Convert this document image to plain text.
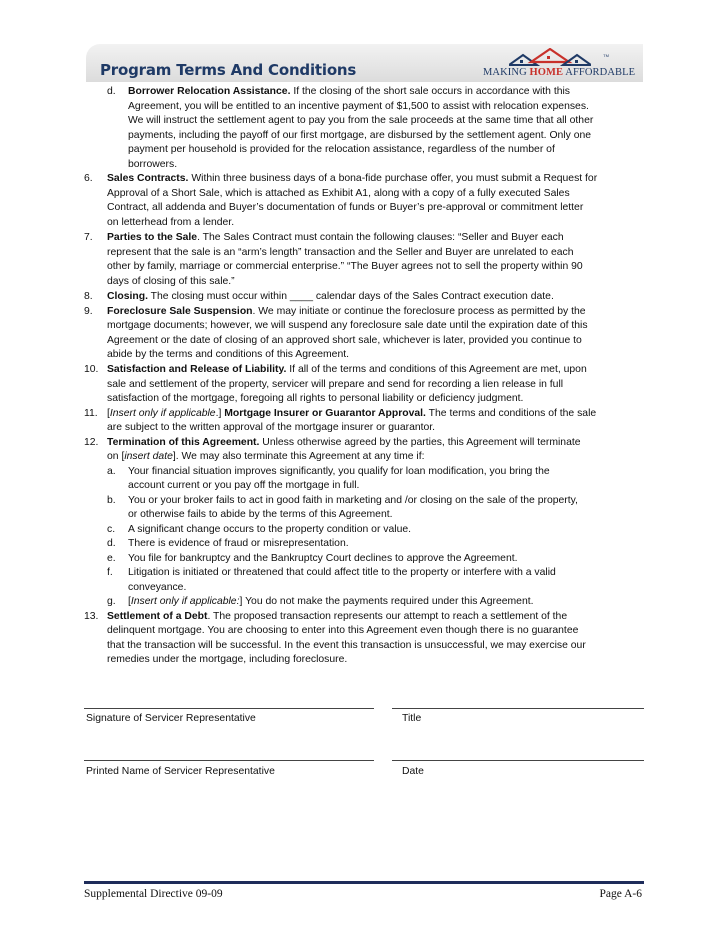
Program Terms And Conditions
TM
MAKING HOME AFFORDABLE
d. Borrower Relocation Assistance. If the closing of the short sale occurs in accordance with this
Agreement, you will be entitled to an incentive payment of $1,500 to assist with relocation expenses.
We will instruct the settlement agent to pay you from the sale proceeds at the same time that all other
payments, including the payoff of our first mortgage, are disbursed by the settlement agent. Only one
payment per household is provided for the relocation assistance, regardless of the number of
borrowers.
6. Sales Contracts. Within three business days of a bona-fide purchase offer, you must submit a Request for
Approval of a Short Sale, which is attached as Exhibit A1, along with a copy of a fully executed Sales
Contract, all addenda and Buyer’s documentation of funds or Buyer’s pre-approval or commitment letter
on letterhead from a lender.
7. Parties to the Sale. The Sales Contract must contain the following clauses: “Seller and Buyer each
represent that the sale is an “arm’s length” transaction and the Seller and Buyer are unrelated to each
other by family, marriage or commercial enterprise.” “The Buyer agrees not to sell the property within 90
days of closing of this sale.”
8. Closing. The closing must occur within ____ calendar days of the Sales Contract execution date.
9. Foreclosure Sale Suspension. We may initiate or continue the foreclosure process as permitted by the
mortgage documents; however, we will suspend any foreclosure sale date until the expiration date of this
Agreement or the date of closing of an approved short sale, whichever is later, provided you continue to
abide by the terms and conditions of this Agreement.
10. Satisfaction and Release of Liability. If all of the terms and conditions of this Agreement are met, upon
sale and settlement of the property, servicer will prepare and send for recording a lien release in full
satisfaction of the mortgage, foregoing all rights to personal liability or deficiency judgment.
11. [Insert only if applicable.] Mortgage Insurer or Guarantor Approval. The terms and conditions of the sale
are subject to the written approval of the mortgage insurer or guarantor.
12. Termination of this Agreement. Unless otherwise agreed by the parties, this Agreement will terminate
on [insert date]. We may also terminate this Agreement at any time if:
a. Your financial situation improves significantly, you qualify for loan modification, you bring the
account current or you pay off the mortgage in full.
b. You or your broker fails to act in good faith in marketing and /or closing on the sale of the property,
or otherwise fails to abide by the terms of this Agreement.
c. A significant change occurs to the property condition or value.
d. There is evidence of fraud or misrepresentation.
e. You file for bankruptcy and the Bankruptcy Court declines to approve the Agreement.
f. Litigation is initiated or threatened that could affect title to the property or interfere with a valid
conveyance.
g. [Insert only if applicable:] You do not make the payments required under this Agreement.
13. Settlement of a Debt. The proposed transaction represents our attempt to reach a settlement of the
delinquent mortgage. You are choosing to enter into this Agreement even though there is no guarantee
that the transaction will be successful. In the event this transaction is unsuccessful, we may exercise our
remedies under the mortgage, including foreclosure.
Signature of Servicer Representative	Title
Printed Name of Servicer Representative	Date
Supplemental Directive 09-09	Page A-6
